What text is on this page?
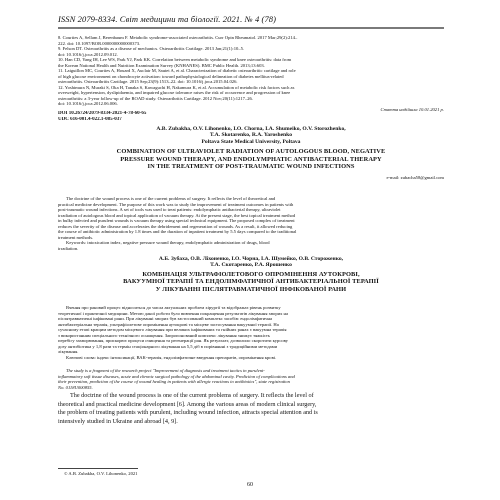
ISSN 2079-8334. Світ медицини та біології. 2021. № 4 (78)
8. Courties A, Sellam J, Berenbaum F. Metabolic syndrome-associated osteoarthritis. Curr Opin Rheumatol. 2017 Mar;29(2):214–
222. doi: 10.1097/BOR.0000000000000373.
9. Felson DT. Osteoarthritis as a disease of mechanics. Osteoarthritis Cartilage. 2013 Jan;21(1):10–5.
doi: 10.1016/j.joca.2012.09.012.
10. Han CD, Yang IH, Lee WS, Park YJ, Park KK. Correlation between metabolic syndrome and knee osteoarthritis: data from
the Korean National Health and Nutrition Examination Survey (KNHANES). BMC Public Health. 2013;13:603.
11. Laiguillon MC, Courties A, Houard X, Auclair M, Sautet A, et al. Characterization of diabetic osteoarthritic cartilage and role
of high glucose environment on chondrocyte activation: toward pathophysiological delineation of diabetes mellitus-related
osteoarthritis. Osteoarthritis Cartilage. 2015 Sep;23(9):1513–22. doi: 10.1016/j.joca.2015.04.026.
12. Yoshimura N, Muraki S, Oka H, Tanaka S, Kawaguchi H, Nakamura K, et al. Accumulation of metabolic risk factors such as
overweight, hypertension, dyslipidaemia, and impaired glucose tolerance raises the risk of occurrence and progression of knee
osteoarthritis: a 3-year follow-up of the ROAD study. Osteoarthritis Cartilage. 2012 Nov;20(11):1217–26.
doi: 10.1016/j.joca.2012.06.006.
Стаття надійшла 10.01.2021 р.
DOI 10.26724/2079-8334-2021-4-78-60-65
UDC 616-001.4-022.1-085-037
A.B. Zubakha, O.V. Lihonenko, I.O. Chorna, I.A. Shumeiko, O.V. Storozhenko,
T.A. Skotarenko, R.A. Yaroshenko
Poltava State Medical University, Poltava
COMBINATION OF ULTRAVIOLET RADIATION OF AUTOLOGOUS BLOOD, NEGATIVE
PRESSURE WOUND THERAPY, AND ENDOLYMPHATIC ANTIBACTERIAL THERAPY
IN THE TREATMENT OF POST-TRAUMATIC WOUND INFECTIONS
e-mail: zubacha58@gmail.com
The doctrine of the wound process is one of the current problems of surgery. It reflects the level of theoretical and
practical medicine development. The purpose of this work was to study the improvement of treatment outcomes in patients with
post-traumatic wound infections. A set of tools was used to treat patients: endolymphatic antibacterial therapy, ultraviolet
irradiation of autologous blood and topical application of vacuum therapy. At the present stage, the best topical treatment method
in bulky infected and purulent wounds is vacuum therapy using special technical equipment. The proposed complex of treatment
reduces the severity of the disease and accelerates the debridement and regeneration of wounds. As a result, it allowed reducing
the course of antibiotic administration by 1.8 times and the duration of inpatient treatment by 5.5 days compared to the traditional
treatment methods.
Keywords: intoxication index, negative pressure wound therapy, endolymphatic administration of drugs, blood
irradiation.
А.Б. Зубаха, О.В. Ліхоненко, І.О. Чорна, І.А. Шумейко, О.В. Стороженко,
Т.А. Скотаренко, Р.А. Ярошенко
КОМБІНАЦІЯ УЛЬТРАФІОЛЕТОВОГО ОПРОМІНЕННЯ АУТОКРОВІ,
ВАКУУМНОЇ ТЕРАПІЇ ТА ЕНДОЛІМФАТИЧНОЇ АНТИБАКТЕРІАЛЬНОЇ ТЕРАПІЇ
У ЛІКУВАННІ ПІСЛЯТРАВМАТИЧНОЇ ІНФІКОВАНОЇ РАНИ
Вчення про рановий процес відноситься до числа актуальних проблем хірургії та відображає рівень розвитку
теоретичної і практичної медицини. Метою даної роботи було вивчення покращення результатів лікування хворих на
післятравматичні інфіковані рани. При лікуванні хворих був застосований комплекс засобів: ендолімфатична
антибактеріальна терапія, ультрафіолетове опромінення аутокрові та місцеве застосування вакуумної терапії. На
сучасному етапі кращим методом місцевого лікування при великих інфікованих та гнійних ранах є вакуумна терапія
з використанням спеціального технічного оснащення. Запропонований комплекс лікування знижує тяжкість
перебігу захворювання, прискорює процеси очищення та регенерації ран. Як результат, дозволило скоротити курсову
дозу антибіотика у 1,8 рази та термін стаціонарного лікування на 5,5 діб в порівнянні з традиційними методами
лікування.
Ключові слова: індекс інтоксикації, ВАК-терапія, ендолімфатичне введення препаратів, опромінення крові.
The study is a fragment of the research project "Improvement of diagnosis and treatment tactics in purulent-
inflammatory soft tissue diseases, acute and chronic surgical pathology of the abdominal cavity. Prediction of complications and
their prevention, prediction of the course of wound healing in patients with allergic reactions to antibiotics", state registration
No. 0118U000855.
The doctrine of the wound process is one of the current problems of surgery. It reflects the level of
theoretical and practical medicine development [6]. Among the various areas of modern clinical surgery,
the problem of treating patients with purulent, including wound infection, attracts special attention and is
intensively studied in Ukraine and abroad [4, 9].
© A.B. Zubakha, O.V. Lihonenko, 2021
60
